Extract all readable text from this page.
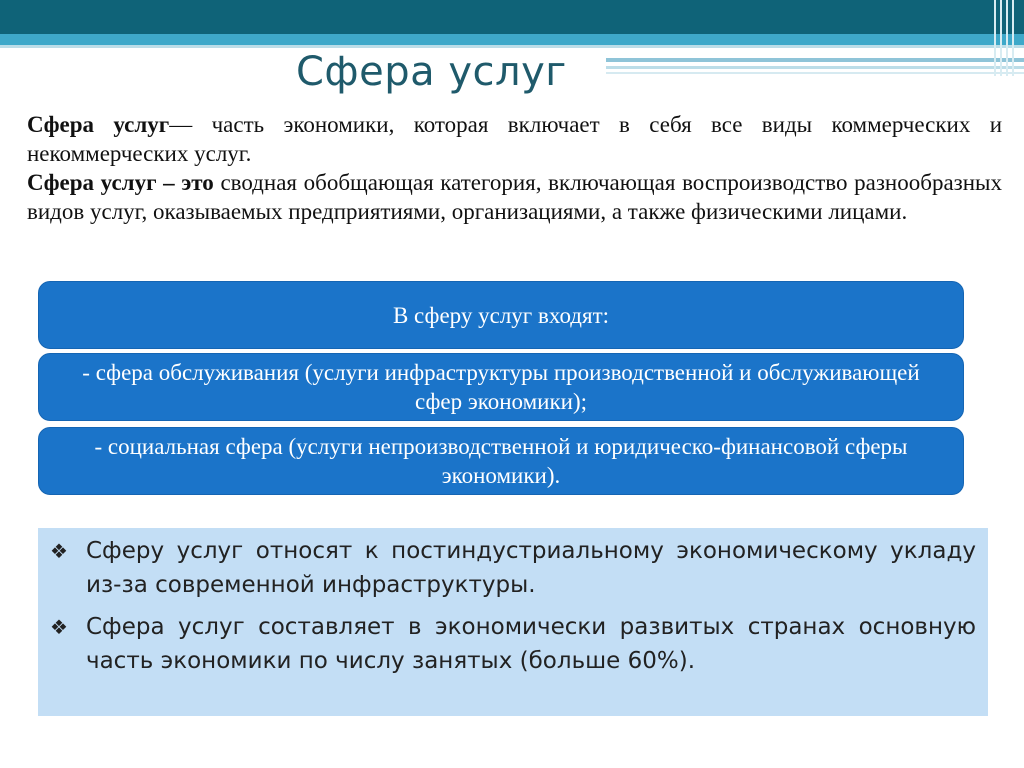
Сфера услуг

Сфера услуг— часть экономики, которая включает в себя все виды коммерческих и некоммерческих услуг.

Сфера услуг – это сводная обобщающая категория, включающая воспроизводство разнообразных видов услуг, оказываемых предприятиями, организациями, а также физическими лицами.

В сферу услуг входят:
- сфера обслуживания (услуги инфраструктуры производственной и обслуживающей сфер экономики);
- социальная сфера (услуги непроизводственной и юридическо-финансовой сферы экономики).
❖ Сферу услуг относят к постиндустриальному экономическому укладу из-за современной инфраструктуры.
❖ Сфера услуг составляет в экономически развитых странах основную часть экономики по числу занятых (больше 60%).
